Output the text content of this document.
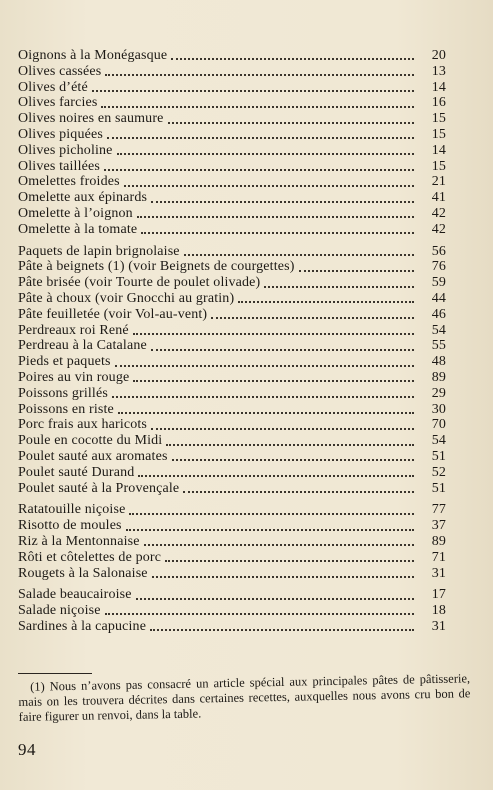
Oignons à la Monégasque	20
Olives cassées	13
Olives d’été	14
Olives farcies	16
Olives noires en saumure	15
Olives piquées	15
Olives picholine	14
Olives taillées	15
Omelettes froides	21
Omelette aux épinards	41
Omelette à l’oignon	42
Omelette à la tomate	42
Paquets de lapin brignolaise	56
Pâte à beignets (1) (voir Beignets de courgettes)	76
Pâte brisée (voir Tourte de poulet olivade)	59
Pâte à choux (voir Gnocchi au gratin)	44
Pâte feuilletée (voir Vol-au-vent)	46
Perdreaux roi René	54
Perdreau à la Catalane	55
Pieds et paquets	48
Poires au vin rouge	89
Poissons grillés	29
Poissons en riste	30
Porc frais aux haricots	70
Poule en cocotte du Midi	54
Poulet sauté aux aromates	51
Poulet sauté Durand	52
Poulet sauté à la Provençale	51
Ratatouille niçoise	77
Risotto de moules	37
Riz à la Mentonnaise	89
Rôti et côtelettes de porc	71
Rougets à la Salonaise	31
Salade beaucairoise	17
Salade niçoise	18
Sardines à la capucine	31
(1) Nous n’avons pas consacré un article spécial aux principales pâtes de pâtisserie, mais on les trouvera décrites dans certaines recettes, auxquelles nous avons cru bon de faire figurer un renvoi, dans la table.
94
